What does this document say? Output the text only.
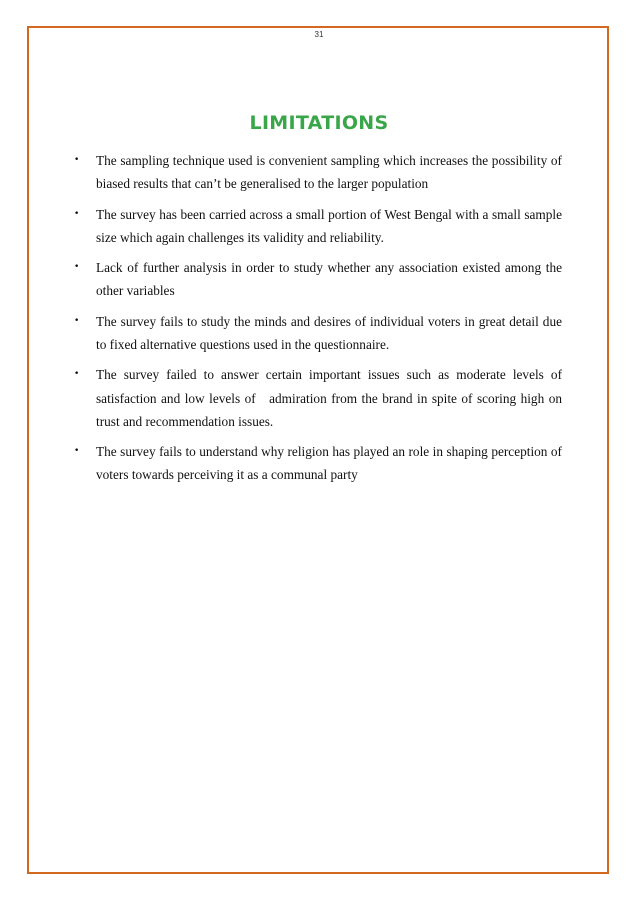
31
LIMITATIONS
• The sampling technique used is convenient sampling which increases the possibility of biased results that can’t be generalised to the larger population
• The survey has been carried across a small portion of West Bengal with a small sample size which again challenges its validity and reliability.
• Lack of further analysis in order to study whether any association existed among the other variables
• The survey fails to study the minds and desires of individual voters in great detail due to fixed alternative questions used in the questionnaire.
• The survey failed to answer certain important issues such as moderate levels of satisfaction and low levels of   admiration from the brand in spite of scoring high on trust and recommendation issues.
• The survey fails to understand why religion has played an role in shaping perception of voters towards perceiving it as a communal party
